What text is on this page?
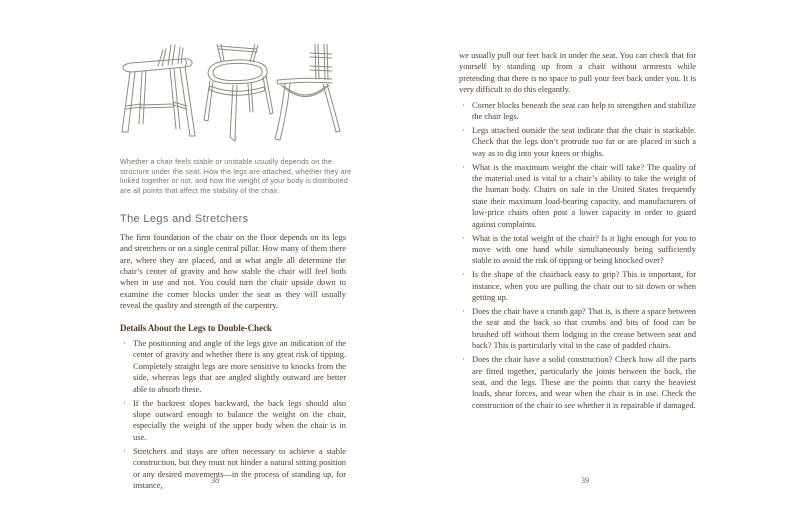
Whether a chair feels stable or unstable usually depends on the structure under the seat. How the legs are attached, whether they are linked together or not, and how the weight of your body is distributed are all points that affect the stability of the chair.

The Legs and Stretchers

The firm foundation of the chair on the floor depends on its legs and stretchers or on a single central pillar. How many of them there are, where they are placed, and at what angle all determine the chair’s center of gravity and how stable the chair will feel both when in use and not. You could turn the chair upside down to examine the corner blocks under the seat as they will usually reveal the quality and strength of the carpentry.

Details About the Legs to Double-Check
· The positioning and angle of the legs give an indication of the center of gravity and whether there is any great risk of tipping. Completely straight legs are more sensitive to knocks from the side, whereas legs that are angled slightly outward are better able to absorb these.
· If the backrest slopes backward, the back legs should also slope outward enough to balance the weight on the chair, especially the weight of the upper body when the chair is in use.
· Stretchers and stays are often necessary to achieve a stable construction, but they must not hinder a natural sitting position or any desired movements—in the process of standing up, for instance,

we usually pull our feet back in under the seat. You can check that for yourself by standing up from a chair without armrests while pretending that there is no space to pull your feet back under you. It is very difficult to do this elegantly.

· Corner blocks beneath the seat can help to strengthen and stabilize the chair legs.
· Legs attached outside the seat indicate that the chair is stackable. Check that the legs don’t protrude too far or are placed in such a way as to dig into your knees or thighs.
· What is the maximum weight the chair will take? The quality of the material used is vital to a chair’s ability to take the weight of the human body. Chairs on sale in the United States frequently state their maximum load-bearing capacity, and manufacturers of low-price chairs often post a lower capacity in order to guard against complaints.
· What is the total weight of the chair? Is it light enough for you to move with one hand while simultaneously being sufficiently stable to avoid the risk of tipping or being knocked over?
· Is the shape of the chairback easy to grip? This is important, for instance, when you are pulling the chair out to sit down or when getting up.
· Does the chair have a crumb gap? That is, is there a space between the seat and the back so that crumbs and bits of food can be brushed off without them lodging in the crease between seat and back? This is particularly vital in the case of padded chairs.
· Does the chair have a solid construction? Check how all the parts are fitted together, particularly the joints between the back, the seat, and the legs. These are the points that carry the heaviest loads, shear forces, and wear when the chair is in use. Check the construction of the chair to see whether it is repairable if damaged.
38	39
